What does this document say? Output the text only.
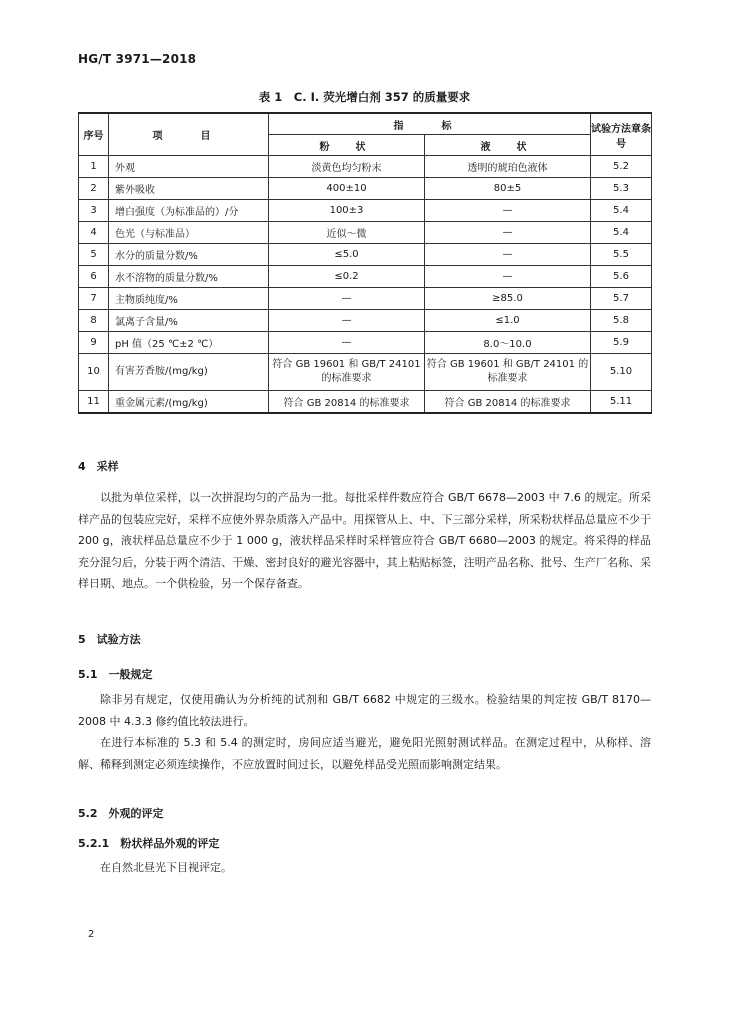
HG/T 3971—2018
表 1　C. I. 荧光增白剂 357 的质量要求
序号	项　目	指　标		试验方法章条号
		粉　状	液　状	
1	外观	淡黄色均匀粉末	透明的琥珀色液体	5.2
2	紫外吸收	400±10	80±5	5.3
3	增白强度（为标准品的）/分	100±3	—	5.4
4	色光（与标准品）	近似～微	—	5.4
5	水分的质量分数/%	≤5.0	—	5.5
6	水不溶物的质量分数/%	≤0.2	—	5.6
7	主物质纯度/%	—	≥85.0	5.7
8	氯离子含量/%	—	≤1.0	5.8
9	pH 值（25 ℃±2 ℃）	—	8.0～10.0	5.9
10	有害芳香胺/(mg/kg)	符合 GB 19601 和 GB/T 24101 的标准要求	符合 GB 19601 和 GB/T 24101 的标准要求	5.10
11	重金属元素/(mg/kg)	符合 GB 20814 的标准要求	符合 GB 20814 的标准要求	5.11
4　采样

以批为单位采样，以一次拼混均匀的产品为一批。每批采样件数应符合 GB/T 6678—2003 中 7.6 的规定。所采样产品的包装应完好，采样不应使外界杂质落入产品中。用探管从上、中、下三部分采样，所采粉状样品总量应不少于 200 g，液状样品总量应不少于 1 000 g，液状样品采样时采样管应符合 GB/T 6680—2003 的规定。将采得的样品充分混匀后，分装于两个清洁、干燥、密封良好的避光容器中，其上粘贴标签，注明产品名称、批号、生产厂名称、采样日期、地点。一个供检验，另一个保存备查。

5　试验方法
5.1　一般规定

除非另有规定，仅使用确认为分析纯的试剂和 GB/T 6682 中规定的三级水。检验结果的判定按 GB/T 8170—2008 中 4.3.3 修约值比较法进行。

在进行本标准的 5.3 和 5.4 的测定时，房间应适当避光，避免阳光照射测试样品。在测定过程中，从称样、溶解、稀释到测定必须连续操作，不应放置时间过长，以避免样品受光照而影响测定结果。

5.2　外观的评定
5.2.1　粉状样品外观的评定

在自然北昼光下目视评定。

2
